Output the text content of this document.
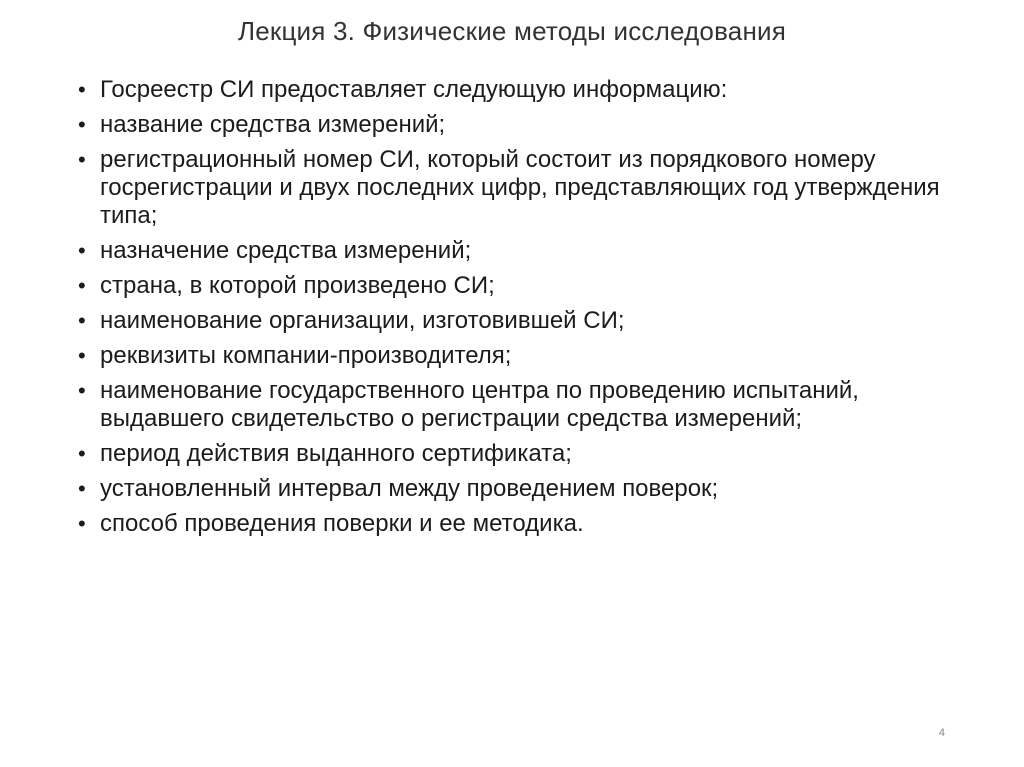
Лекция 3. Физические методы исследования
• Госреестр СИ предоставляет следующую информацию:
• название средства измерений;
• регистрационный номер СИ, который состоит из порядкового номеру госрегистрации и двух последних цифр, представляющих год утверждения типа;
• назначение средства измерений;
• страна, в которой произведено СИ;
• наименование организации, изготовившей СИ;
• реквизиты компании-производителя;
• наименование государственного центра по проведению испытаний, выдавшего свидетельство о регистрации средства измерений;
• период действия выданного сертификата;
• установленный интервал между проведением поверок;
• способ проведения поверки и ее методика.
4
